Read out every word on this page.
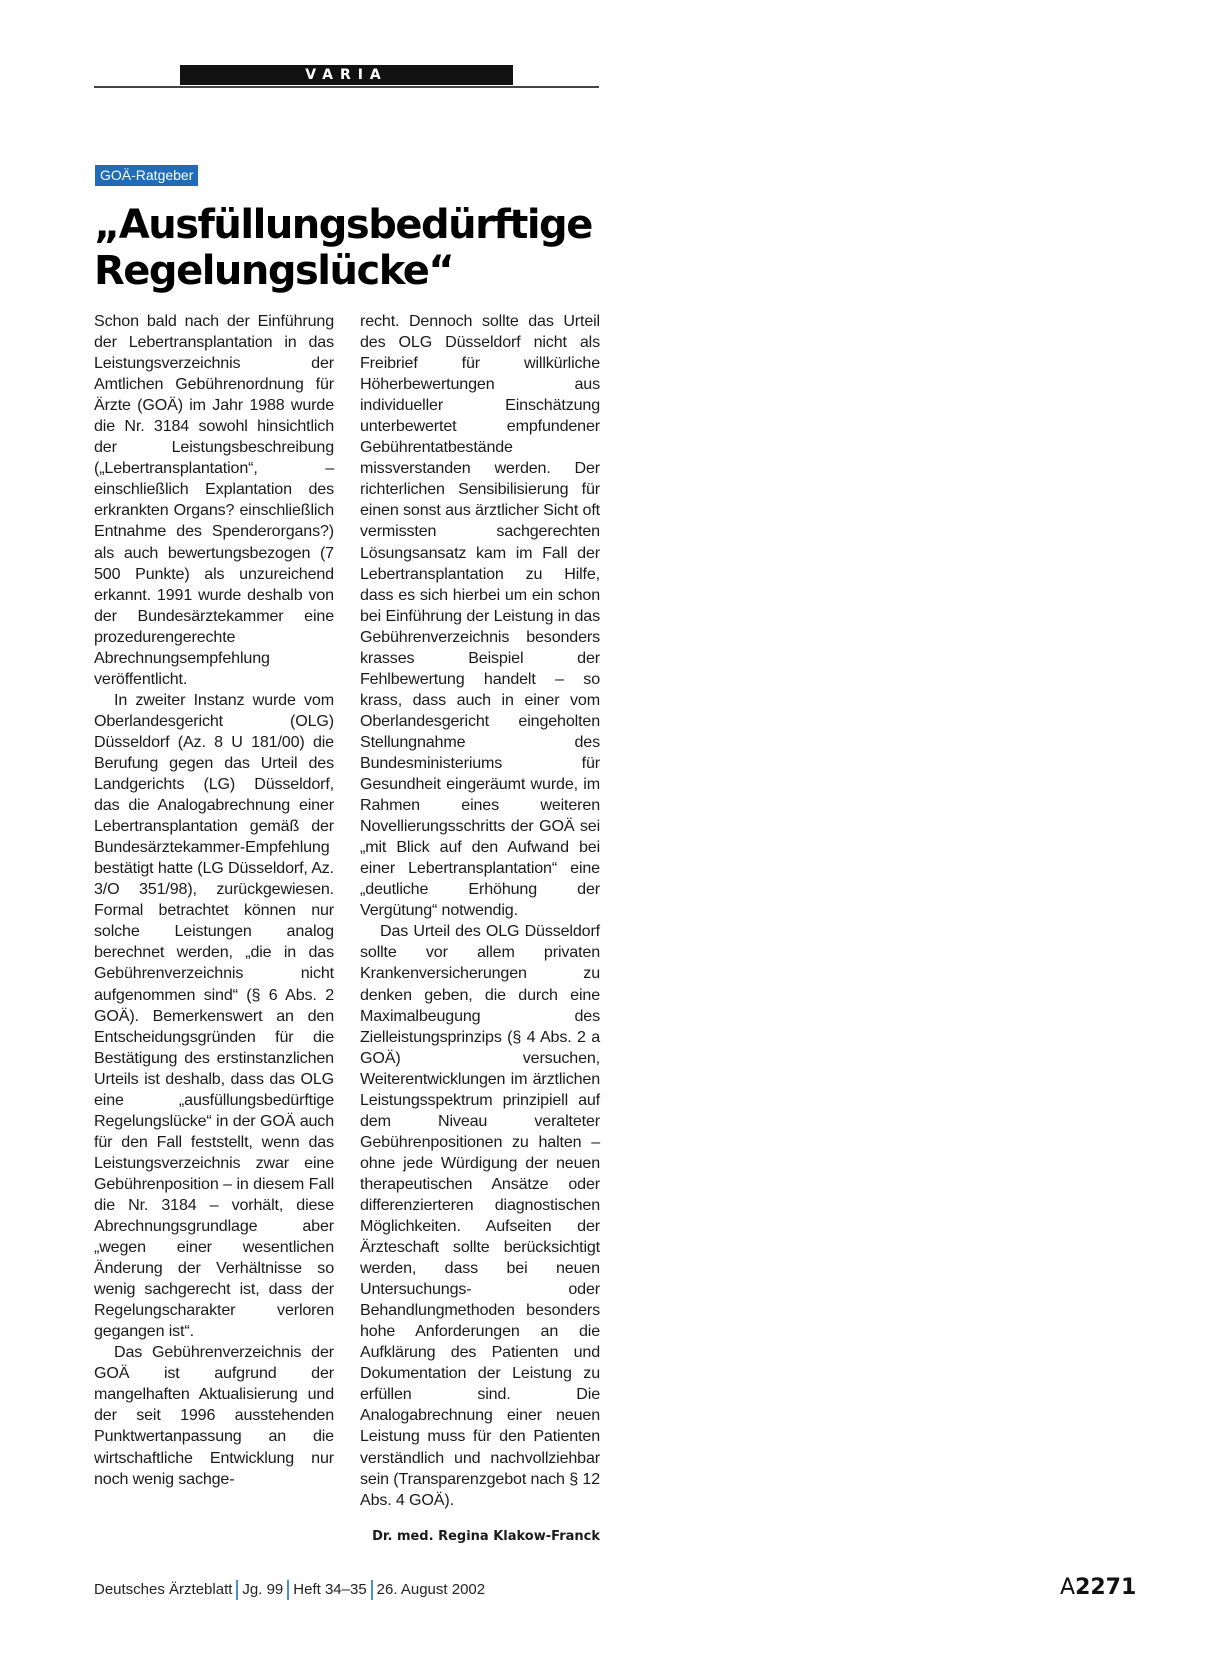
VARIA
GOÄ-Ratgeber
„Ausfüllungsbedürftige
Regelungslücke“

Schon bald nach der Einführung der Lebertransplantation in das Leistungsverzeichnis der Amtlichen Gebührenordnung für Ärzte (GOÄ) im Jahr 1988 wurde die Nr. 3184 sowohl hinsichtlich der Leistungsbeschreibung („Lebertransplantation“, – einschließlich Explantation des erkrankten Organs? einschließlich Entnahme des Spenderorgans?) als auch bewertungsbezogen (7 500 Punkte) als unzureichend erkannt. 1991 wurde deshalb von der Bundesärztekammer eine prozedurengerechte Abrechnungsempfehlung veröffentlicht.

In zweiter Instanz wurde vom Oberlandesgericht (OLG) Düsseldorf (Az. 8 U 181/00) die Berufung gegen das Urteil des Landgerichts (LG) Düsseldorf, das die Analogabrechnung einer Lebertransplantation gemäß der Bundesärztekammer-Empfehlung bestätigt hatte (LG Düsseldorf, Az. 3/O 351/98), zurückgewiesen. Formal betrachtet können nur solche Leistungen analog berechnet werden, „die in das Gebührenverzeichnis nicht aufgenommen sind“ (§ 6 Abs. 2 GOÄ). Bemerkenswert an den Entscheidungsgründen für die Bestätigung des erstinstanzlichen Urteils ist deshalb, dass das OLG eine „ausfüllungsbedürftige Regelungslücke“ in der GOÄ auch für den Fall feststellt, wenn das Leistungsverzeichnis zwar eine Gebührenposition – in diesem Fall die Nr. 3184 – vorhält, diese Abrechnungsgrundlage aber „wegen einer wesentlichen Änderung der Verhältnisse so wenig sachgerecht ist, dass der Regelungscharakter verloren gegangen ist“.

Das Gebührenverzeichnis der GOÄ ist aufgrund der mangelhaften Aktualisierung und der seit 1996 ausstehenden Punktwertanpassung an die wirtschaftliche Entwicklung nur noch wenig sachge-

recht. Dennoch sollte das Urteil des OLG Düsseldorf nicht als Freibrief für willkürliche Höherbewertungen aus individueller Einschätzung unterbewertet empfundener Gebührentatbestände missverstanden werden. Der richterlichen Sensibilisierung für einen sonst aus ärztlicher Sicht oft vermissten sachgerechten Lösungsansatz kam im Fall der Lebertransplantation zu Hilfe, dass es sich hierbei um ein schon bei Einführung der Leistung in das Gebührenverzeichnis besonders krasses Beispiel der Fehlbewertung handelt – so krass, dass auch in einer vom Oberlandesgericht eingeholten Stellungnahme des Bundesministeriums für Gesundheit eingeräumt wurde, im Rahmen eines weiteren Novellierungsschritts der GOÄ sei „mit Blick auf den Aufwand bei einer Lebertransplantation“ eine „deutliche Erhöhung der Vergütung“ notwendig.

Das Urteil des OLG Düsseldorf sollte vor allem privaten Krankenversicherungen zu denken geben, die durch eine Maximalbeugung des Zielleistungsprinzips (§ 4 Abs. 2 a GOÄ) versuchen, Weiterentwicklungen im ärztlichen Leistungsspektrum prinzipiell auf dem Niveau veralteter Gebührenpositionen zu halten – ohne jede Würdigung der neuen therapeutischen Ansätze oder differenzierteren diagnostischen Möglichkeiten. Aufseiten der Ärzteschaft sollte berücksichtigt werden, dass bei neuen Untersuchungs- oder Behandlungmethoden besonders hohe Anforderungen an die Aufklärung des Patienten und Dokumentation der Leistung zu erfüllen sind. Die Analogabrechnung einer neuen Leistung muss für den Patienten verständlich und nachvollziehbar sein (Transparenzgebot nach § 12 Abs. 4 GOÄ).

Dr. med. Regina Klakow-Franck
Deutsches Ärzteblatt Jg. 99 Heft 34–35 26. August 2002	A2271
